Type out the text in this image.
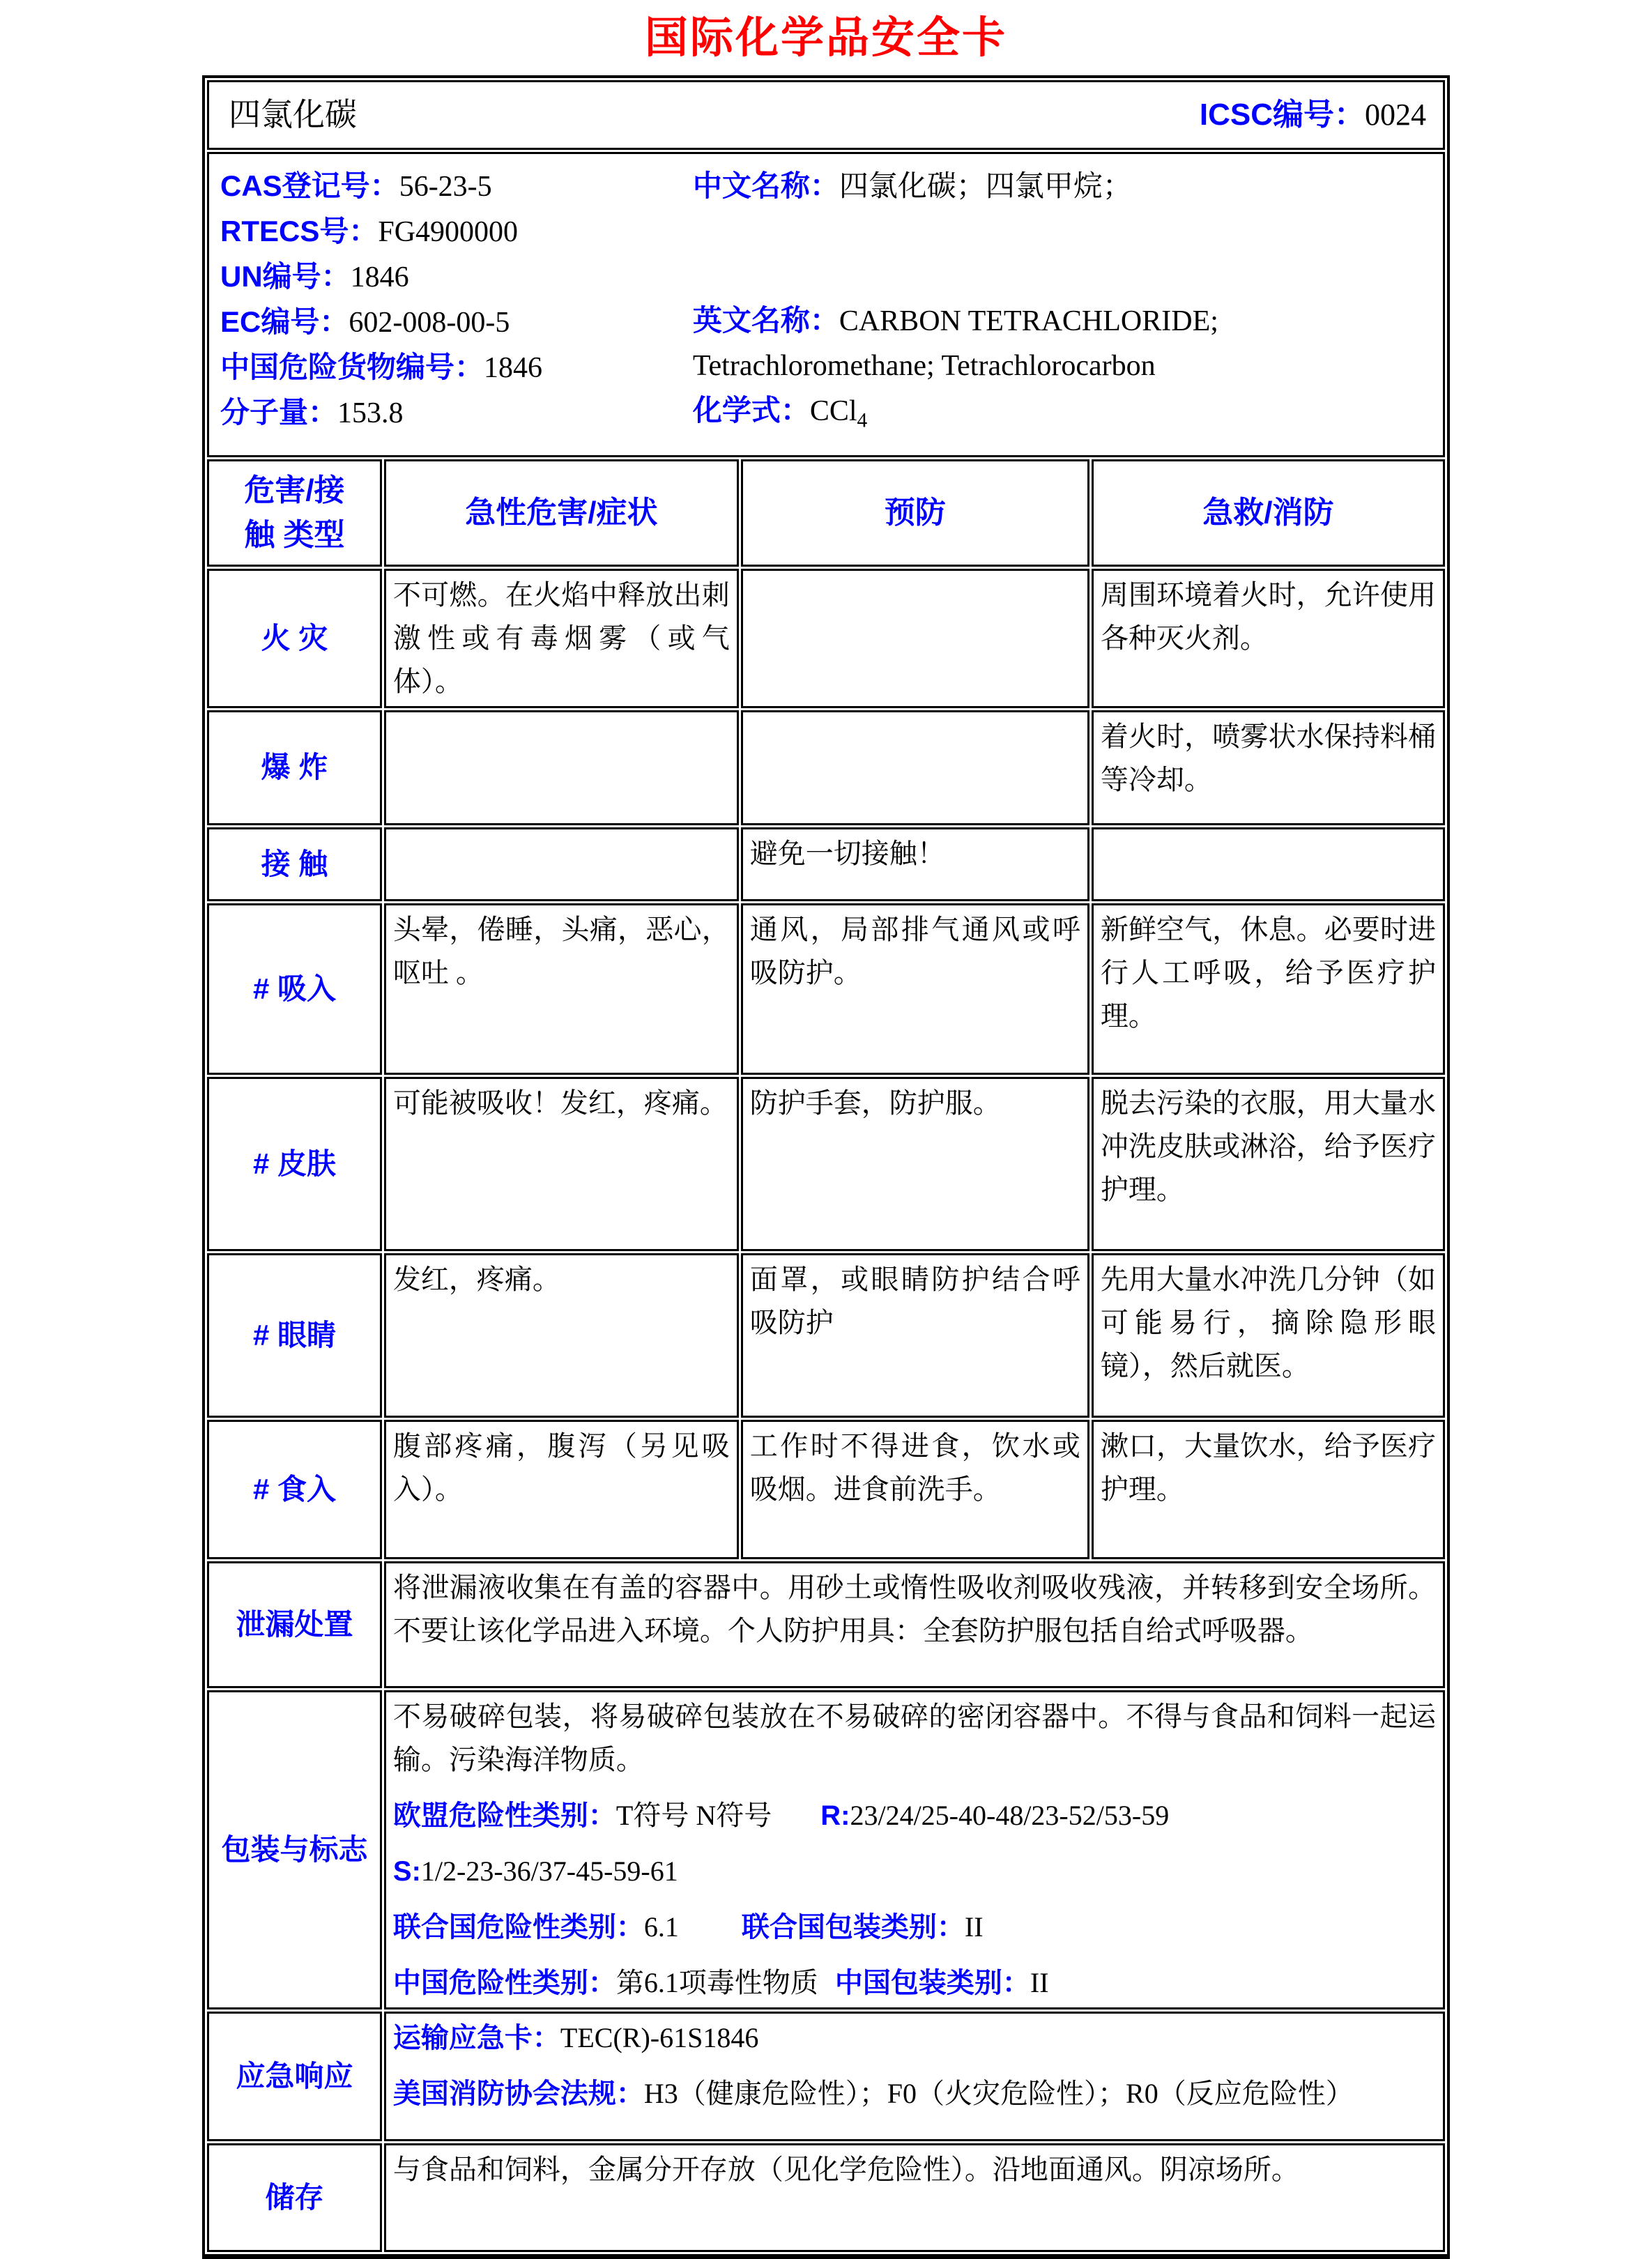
国际化学品安全卡
四氯化碳 ICSC编号：0024			

CAS登记号：56-23-5
RTECS号：FG4900000
UN编号：1846
EC编号：602-008-00-5
中国危险货物编号：1846
分子量：153.8

中文名称：四氯化碳；四氯甲烷；

英文名称：CARBON TETRACHLORIDE; Tetrachloromethane; Tetrachlorocarbon

化学式：CCl$_4$

危害/接触 类型	急性危害/症状	预防	急救/消防
火 灾	不可燃。在火焰中释放出刺激性或有毒烟雾（或气体）。		周围环境着火时，允许使用各种灭火剂。
爆 炸			着火时，喷雾状水保持料桶等冷却。
接 触		避免一切接触！	
# 吸入	头晕，倦睡，头痛，恶心，呕吐 。	通风，局部排气通风或呼吸防护。	新鲜空气，休息。必要时进行人工呼吸，给予医疗护理。
# 皮肤	可能被吸收！发红，疼痛。	防护手套，防护服。	脱去污染的衣服，用大量水冲洗皮肤或淋浴，给予医疗护理。
# 眼睛	发红，疼痛。	面罩，或眼睛防护结合呼吸防护	先用大量水冲洗几分钟（如可能易行，摘除隐形眼镜），然后就医。
# 食入	腹部疼痛，腹泻（另见吸入）。	工作时不得进食，饮水或吸烟。进食前洗手。	漱口，大量饮水，给予医疗护理。
泄漏处置	将泄漏液收集在有盖的容器中。用砂土或惰性吸收剂吸收残液，并转移到安全场所。不要让该化学品进入环境。个人防护用具：全套防护服包括自给式呼吸器。		
包装与标志	不易破碎包装，将易破碎包装放在不易破碎的密闭容器中。不得与食品和饲料一起运输。污染海洋物质。

欧盟危险性类别：T符号 N符号 R:23/24/25-40-48/23-52/53-59

S:1/2-23-36/37-45-59-61

联合国危险性类别：6.1 联合国包装类别：II

中国危险性类别：第6.1项毒性物质 中国包装类别：II		

应急响应	运输应急卡：TEC(R)-61S1846

美国消防协会法规：H3（健康危险性）；F0（火灾危险性）；R0（反应危险性）		

储存	与食品和饲料，金属分开存放（见化学危险性）。沿地面通风。阴凉场所。		
